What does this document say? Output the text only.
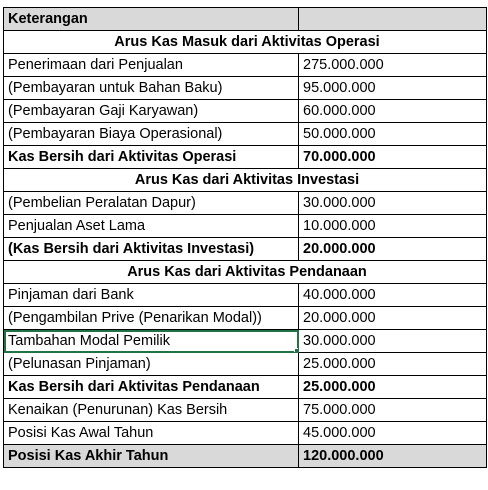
Keterangan	
Arus Kas Masuk dari Aktivitas Operasi	
Penerimaan dari Penjualan	275.000.000
(Pembayaran untuk Bahan Baku)	95.000.000
(Pembayaran Gaji Karyawan)	60.000.000
(Pembayaran Biaya Operasional)	50.000.000
Kas Bersih dari Aktivitas Operasi	70.000.000
Arus Kas dari Aktivitas Investasi	
(Pembelian Peralatan Dapur)	30.000.000
Penjualan Aset Lama	10.000.000
(Kas Bersih dari Aktivitas Investasi)	20.000.000
Arus Kas dari Aktivitas Pendanaan	
Pinjaman dari Bank	40.000.000
(Pengambilan Prive (Penarikan Modal))	20.000.000
Tambahan Modal Pemilik	30.000.000
(Pelunasan Pinjaman)	25.000.000
Kas Bersih dari Aktivitas Pendanaan	25.000.000
Kenaikan (Penurunan) Kas Bersih	75.000.000
Posisi Kas Awal Tahun	45.000.000
Posisi Kas Akhir Tahun	120.000.000
